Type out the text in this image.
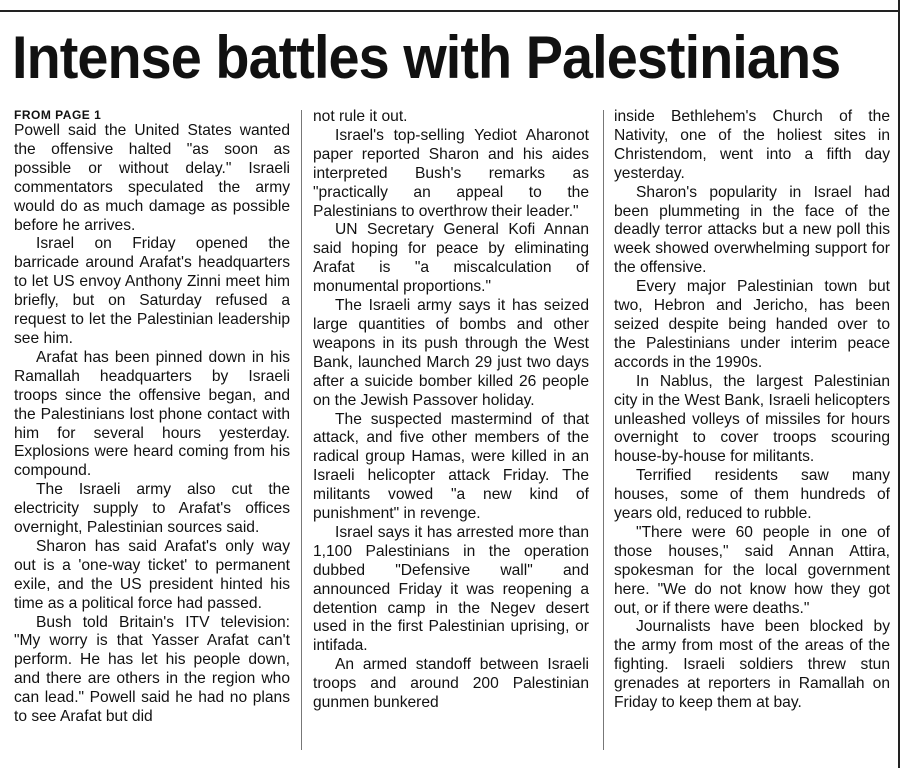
Intense battles with Palestinians
FROM PAGE 1

Powell said the United States wanted the offensive halted "as soon as possible or without delay." Israeli commentators speculated the army would do as much damage as possible before he arrives.

Israel on Friday opened the barricade around Arafat's headquarters to let US envoy Anthony Zinni meet him briefly, but on Saturday refused a request to let the Palestinian leadership see him.

Arafat has been pinned down in his Ramallah headquarters by Israeli troops since the offensive began, and the Palestinians lost phone contact with him for several hours yesterday. Explosions were heard coming from his compound.

The Israeli army also cut the electricity supply to Arafat's offices overnight, Palestinian sources said.

Sharon has said Arafat's only way out is a 'one-way ticket' to permanent exile, and the US president hinted his time as a political force had passed.

Bush told Britain's ITV television: "My worry is that Yasser Arafat can't perform. He has let his people down, and there are others in the region who can lead." Powell said he had no plans to see Arafat but did

not rule it out.

Israel's top-selling Yediot Aharonot paper reported Sharon and his aides interpreted Bush's remarks as "practically an appeal to the Palestinians to overthrow their leader."

UN Secretary General Kofi Annan said hoping for peace by eliminating Arafat is "a miscalculation of monumental proportions."

The Israeli army says it has seized large quantities of bombs and other weapons in its push through the West Bank, launched March 29 just two days after a suicide bomber killed 26 people on the Jewish Passover holiday.

The suspected mastermind of that attack, and five other members of the radical group Hamas, were killed in an Israeli helicopter attack Friday. The militants vowed "a new kind of punishment" in revenge.

Israel says it has arrested more than 1,100 Palestinians in the operation dubbed "Defensive wall" and announced Friday it was reopening a detention camp in the Negev desert used in the first Palestinian uprising, or intifada.

An armed standoff between Israeli troops and around 200 Palestinian gunmen bunkered

inside Bethlehem's Church of the Nativity, one of the holiest sites in Christendom, went into a fifth day yesterday.

Sharon's popularity in Israel had been plummeting in the face of the deadly terror attacks but a new poll this week showed overwhelming support for the offensive.

Every major Palestinian town but two, Hebron and Jericho, has been seized despite being handed over to the Palestinians under interim peace accords in the 1990s.

In Nablus, the largest Palestinian city in the West Bank, Israeli helicopters unleashed volleys of missiles for hours overnight to cover troops scouring house-by-house for militants.

Terrified residents saw many houses, some of them hundreds of years old, reduced to rubble.

"There were 60 people in one of those houses," said Annan Attira, spokesman for the local government here. "We do not know how they got out, or if there were deaths."

Journalists have been blocked by the army from most of the areas of the fighting. Israeli soldiers threw stun grenades at reporters in Ramallah on Friday to keep them at bay.
